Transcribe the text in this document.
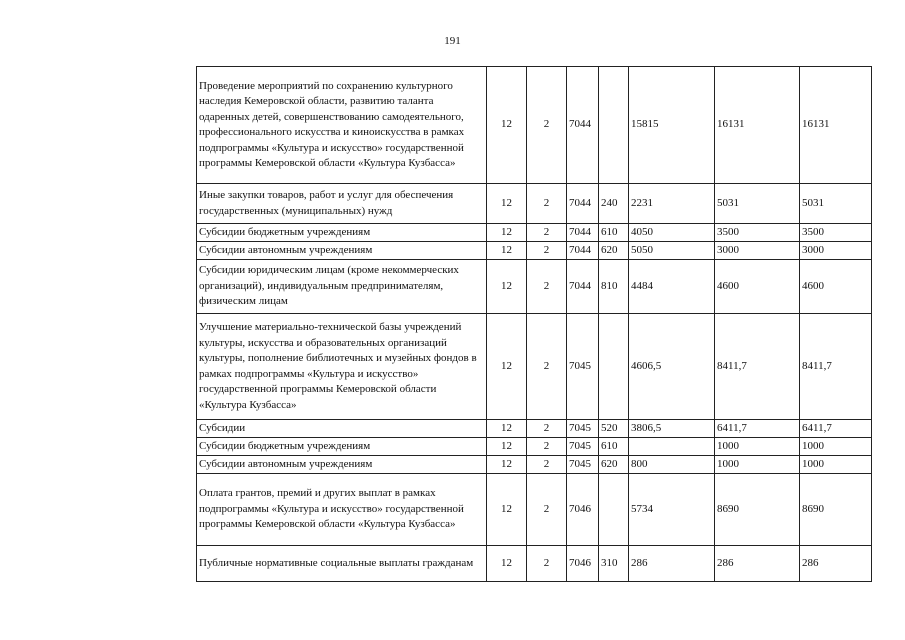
191
Проведение мероприятий по сохранению культурного наследия Кемеровской области, развитию таланта одаренных детей, совершенствованию самодеятельного, профессионального искусства и киноискусства в рамках подпрограммы «Культура и искусство» государственной программы Кемеровской области «Культура Кузбасса»	12	2	7044		15815	16131	16131
Иные закупки товаров, работ и услуг для обеспечения государственных (муниципальных) нужд	12	2	7044	240	2231	5031	5031
Субсидии бюджетным учреждениям	12	2	7044	610	4050	3500	3500
Субсидии автономным учреждениям	12	2	7044	620	5050	3000	3000
Субсидии юридическим лицам (кроме некоммерческих организаций), индивидуальным предпринимателям, физическим лицам	12	2	7044	810	4484	4600	4600
Улучшение материально-технической базы учреждений культуры, искусства и образовательных организаций культуры, пополнение библиотечных и музейных фондов в рамках подпрограммы «Культура и искусство» государственной программы Кемеровской области «Культура Кузбасса»	12	2	7045		4606,5	8411,7	8411,7
Субсидии	12	2	7045	520	3806,5	6411,7	6411,7
Субсидии бюджетным учреждениям	12	2	7045	610		1000	1000
Субсидии автономным учреждениям	12	2	7045	620	800	1000	1000
Оплата грантов, премий и других выплат в рамках подпрограммы «Культура и искусство» государственной программы Кемеровской области «Культура Кузбасса»	12	2	7046		5734	8690	8690
Публичные нормативные социальные выплаты гражданам	12	2	7046	310	286	286	286
